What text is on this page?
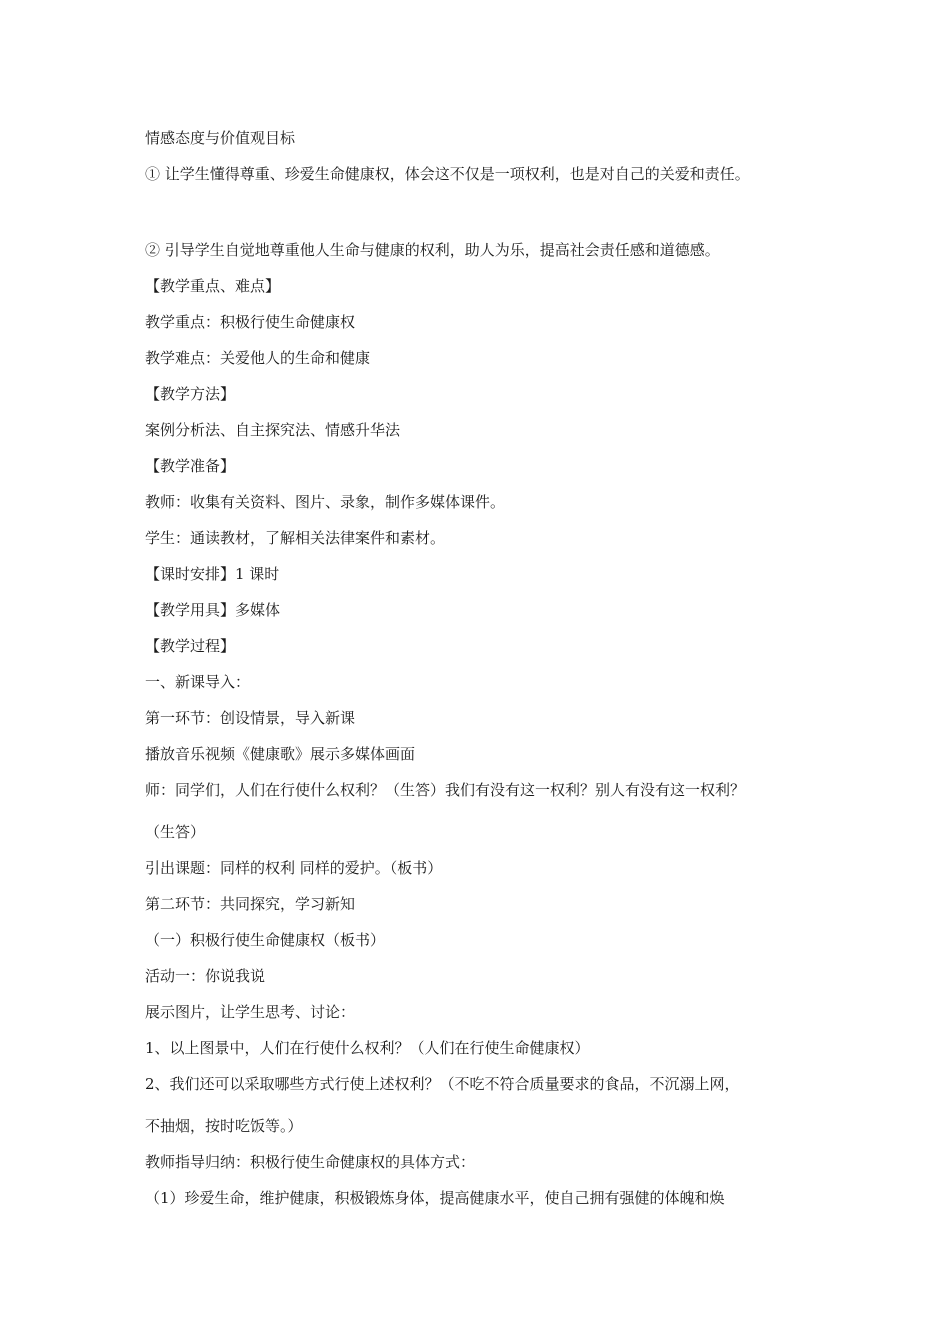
情感态度与价值观目标
① 让学生懂得尊重、珍爱生命健康权，体会这不仅是一项权利，也是对自己的关爱和责任。
② 引导学生自觉地尊重他人生命与健康的权利，助人为乐，提高社会责任感和道德感。
【教学重点、难点】
教学重点：积极行使生命健康权
教学难点：关爱他人的生命和健康
【教学方法】
案例分析法、自主探究法、情感升华法
【教学准备】
教师：收集有关资料、图片、录象，制作多媒体课件。
学生：通读教材，了解相关法律案件和素材。
【课时安排】1 课时
【教学用具】多媒体
【教学过程】
一、新课导入：
第一环节：创设情景，导入新课
播放音乐视频《健康歌》展示多媒体画面
师：同学们，人们在行使什么权利？（生答）我们有没有这一权利？别人有没有这一权利？
（生答）
引出课题：同样的权利 同样的爱护。（板书）
第二环节：共同探究，学习新知
（一）积极行使生命健康权（板书）
活动一：你说我说
展示图片，让学生思考、讨论：
1、以上图景中，人们在行使什么权利？（人们在行使生命健康权）
2、我们还可以采取哪些方式行使上述权利？（不吃不符合质量要求的食品，不沉溺上网，
不抽烟，按时吃饭等。）
教师指导归纳：积极行使生命健康权的具体方式：
（1）珍爱生命，维护健康，积极锻炼身体，提高健康水平，使自己拥有强健的体魄和焕
